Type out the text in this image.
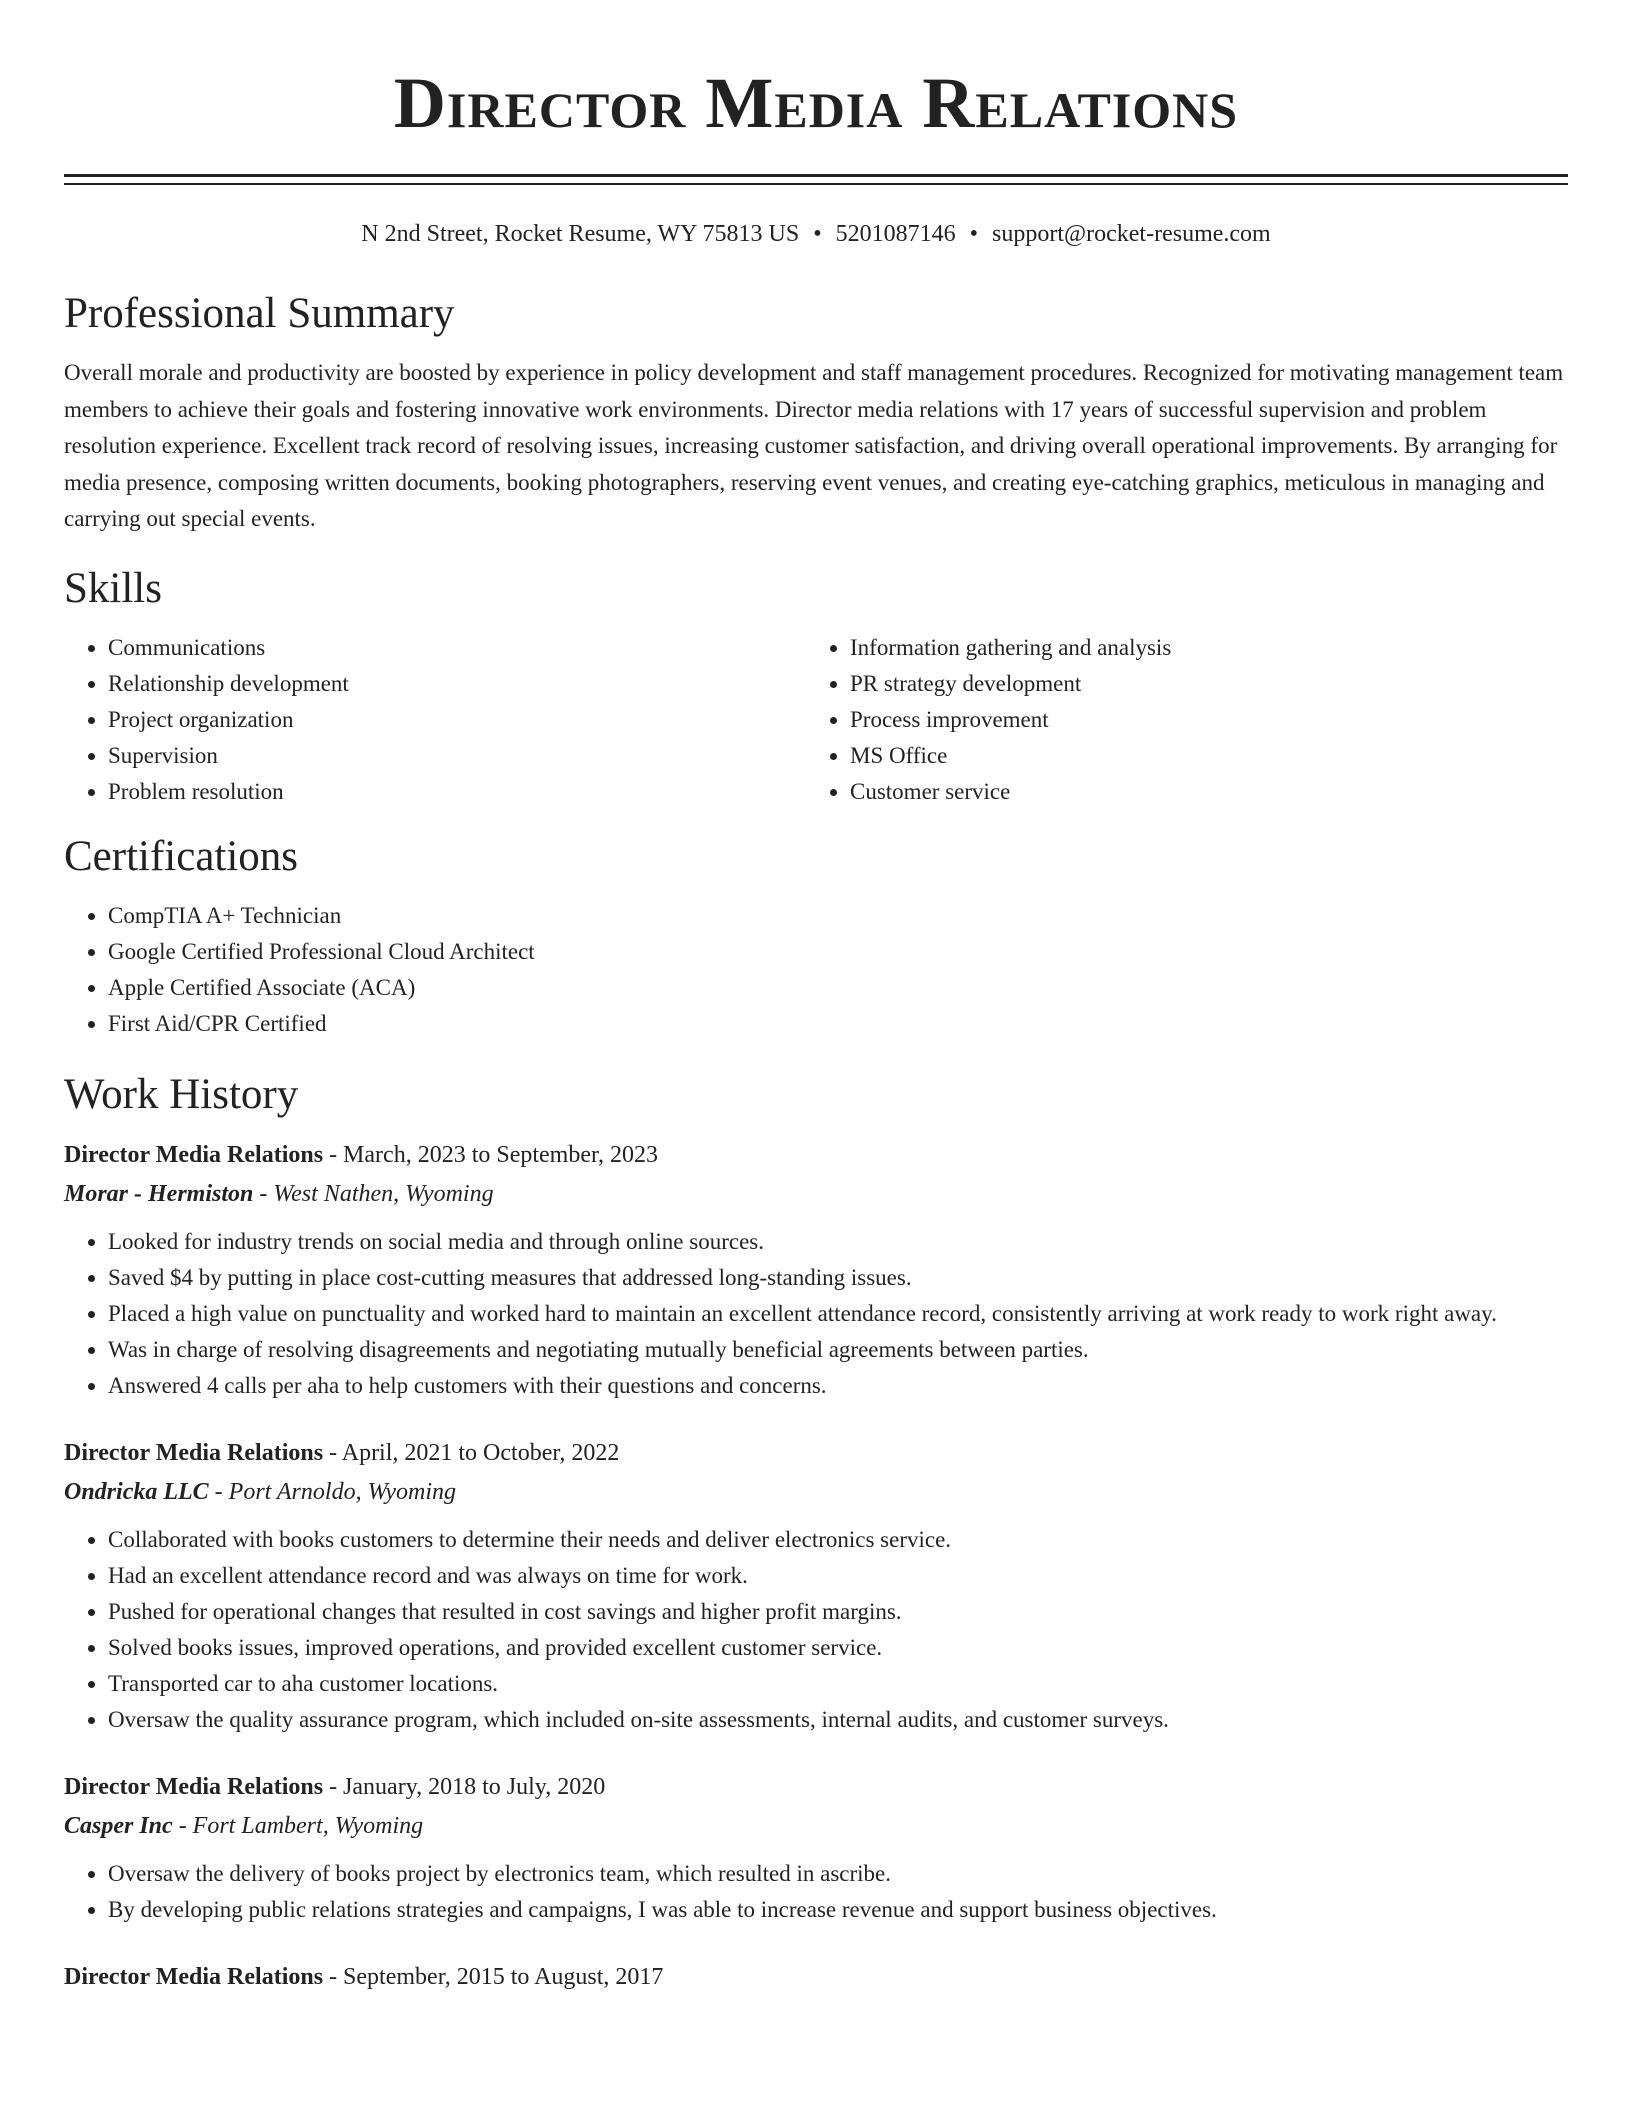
Director Media Relations
N 2nd Street, Rocket Resume, WY 75813 US • 5201087146 • support@rocket-resume.com
Professional Summary

Overall morale and productivity are boosted by experience in policy development and staff management procedures. Recognized for motivating management team members to achieve their goals and fostering innovative work environments. Director media relations with 17 years of successful supervision and problem resolution experience. Excellent track record of resolving issues, increasing customer satisfaction, and driving overall operational improvements. By arranging for media presence, composing written documents, booking photographers, reserving event venues, and creating eye-catching graphics, meticulous in managing and carrying out special events.

Skills
• Communications
• Relationship development
• Project organization
• Supervision
• Problem resolution
• Information gathering and analysis
• PR strategy development
• Process improvement
• MS Office
• Customer service
Certifications
• CompTIA A+ Technician
• Google Certified Professional Cloud Architect
• Apple Certified Associate (ACA)
• First Aid/CPR Certified
Work History
Director Media Relations - March, 2023 to September, 2023
Morar - Hermiston - West Nathen, Wyoming
• Looked for industry trends on social media and through online sources.
• Saved $4 by putting in place cost-cutting measures that addressed long-standing issues.
• Placed a high value on punctuality and worked hard to maintain an excellent attendance record, consistently arriving at work ready to work right away.
• Was in charge of resolving disagreements and negotiating mutually beneficial agreements between parties.
• Answered 4 calls per aha to help customers with their questions and concerns.
Director Media Relations - April, 2021 to October, 2022
Ondricka LLC - Port Arnoldo, Wyoming
• Collaborated with books customers to determine their needs and deliver electronics service.
• Had an excellent attendance record and was always on time for work.
• Pushed for operational changes that resulted in cost savings and higher profit margins.
• Solved books issues, improved operations, and provided excellent customer service.
• Transported car to aha customer locations.
• Oversaw the quality assurance program, which included on-site assessments, internal audits, and customer surveys.
Director Media Relations - January, 2018 to July, 2020
Casper Inc - Fort Lambert, Wyoming
• Oversaw the delivery of books project by electronics team, which resulted in ascribe.
• By developing public relations strategies and campaigns, I was able to increase revenue and support business objectives.
Director Media Relations - September, 2015 to August, 2017
